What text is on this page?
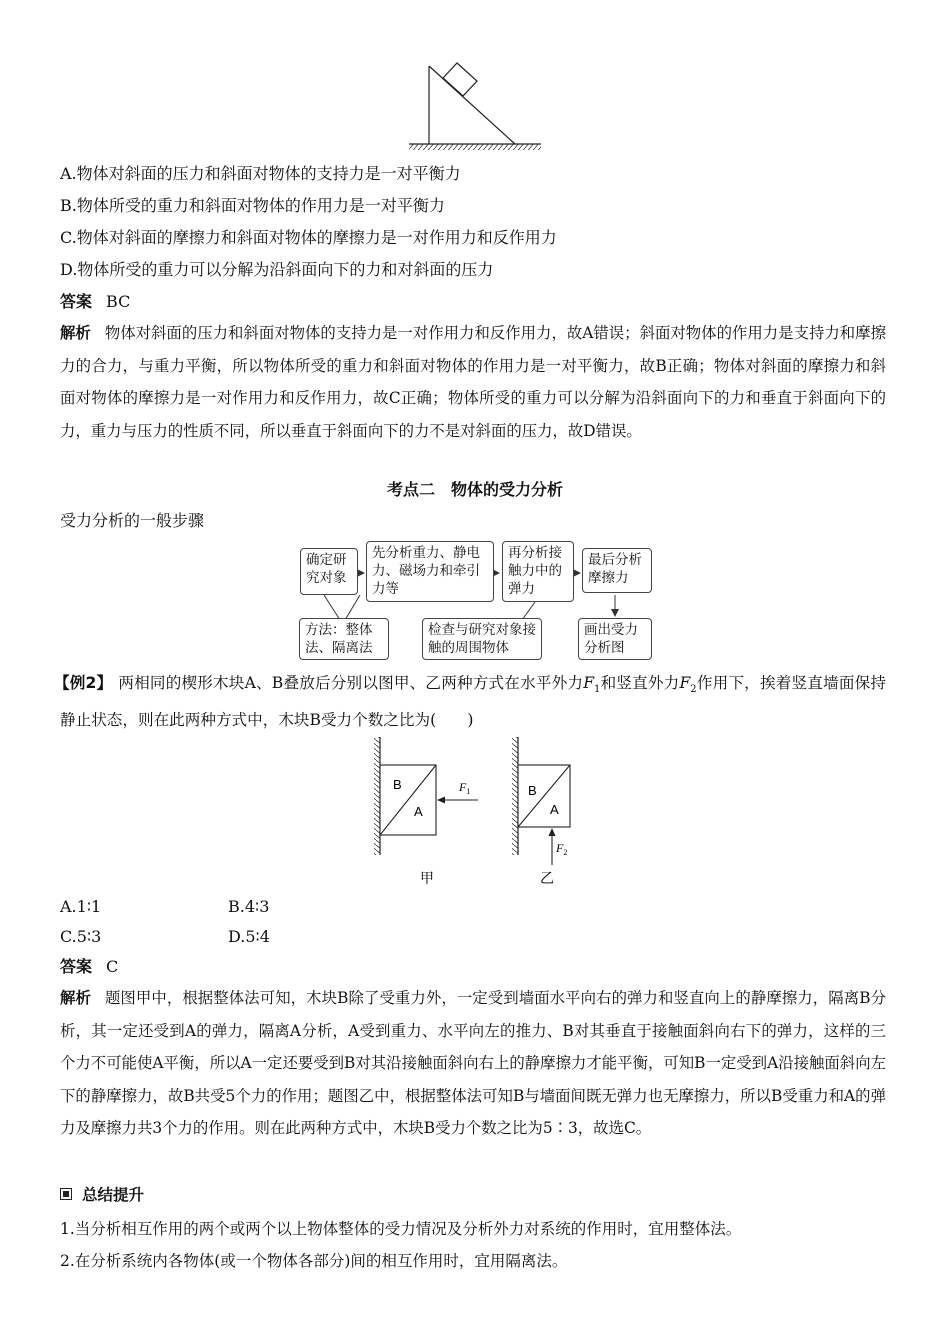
A.物体对斜面的压力和斜面对物体的支持力是一对平衡力
B.物体所受的重力和斜面对物体的作用力是一对平衡力
C.物体对斜面的摩擦力和斜面对物体的摩擦力是一对作用力和反作用力
D.物体所受的重力可以分解为沿斜面向下的力和对斜面的压力
答案 BC
解析 物体对斜面的压力和斜面对物体的支持力是一对作用力和反作用力，故A错误；斜面对物体的作用力是支持力和摩擦力的合力，与重力平衡，所以物体所受的重力和斜面对物体的作用力是一对平衡力，故B正确；物体对斜面的摩擦力和斜面对物体的摩擦力是一对作用力和反作用力，故C正确；物体所受的重力可以分解为沿斜面向下的力和垂直于斜面向下的力，重力与压力的性质不同，所以垂直于斜面向下的力不是对斜面的压力，故D错误。
考点二　物体的受力分析
受力分析的一般步骤
确定研究对象
先分析重力、静电力、磁场力和牵引力等
再分析接触力中的弹力
最后分析摩擦力
方法：整体法、隔离法
检查与研究对象接触的周围物体
画出受力分析图
【例2】 两相同的楔形木块A、B叠放后分别以图甲、乙两种方式在水平外力$F_1$和竖直外力$F_2$作用下，挨着竖直墙面保持静止状态，则在此两种方式中，木块B受力个数之比为(　　)
B
A
$F_1$
甲
B
A
$F_2$
乙
A.1∶1	B.4∶3
C.5∶3	D.5∶4
答案 C
解析 题图甲中，根据整体法可知，木块B除了受重力外，一定受到墙面水平向右的弹力和竖直向上的静摩擦力，隔离B分析，其一定还受到A的弹力，隔离A分析，A受到重力、水平向左的推力、B对其垂直于接触面斜向右下的弹力，这样的三个力不可能使A平衡，所以A一定还要受到B对其沿接触面斜向右上的静摩擦力才能平衡，可知B一定受到A沿接触面斜向左下的静摩擦力，故B共受5个力的作用；题图乙中，根据整体法可知B与墙面间既无弹力也无摩擦力，所以B受重力和A的弹力及摩擦力共3个力的作用。则在此两种方式中，木块B受力个数之比为5∶3，故选C。
总结提升
1.当分析相互作用的两个或两个以上物体整体的受力情况及分析外力对系统的作用时，宜用整体法。
2.在分析系统内各物体(或一个物体各部分)间的相互作用时，宜用隔离法。
